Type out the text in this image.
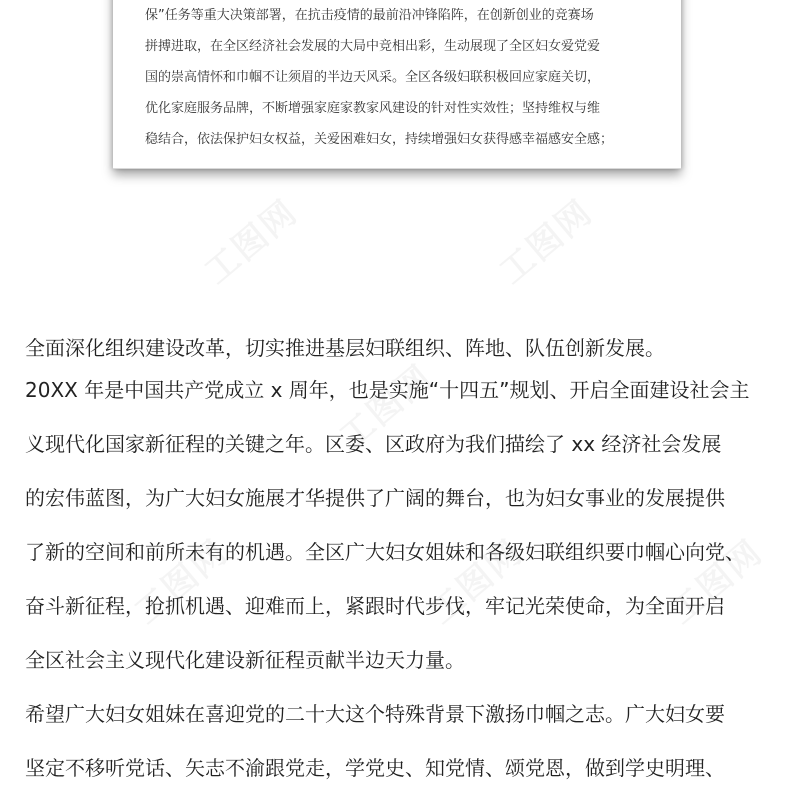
保”任务等重大决策部署，在抗击疫情的最前沿冲锋陷阵，在创新创业的竞赛场
拼搏进取，在全区经济社会发展的大局中竞相出彩，生动展现了全区妇女爱党爱
国的崇高情怀和巾帼不让须眉的半边天风采。全区各级妇联积极回应家庭关切，
优化家庭服务品牌，不断增强家庭家教家风建设的针对性实效性；坚持维权与维
稳结合，依法保护妇女权益，关爱困难妇女，持续增强妇女获得感幸福感安全感；
全面深化组织建设改革，切实推进基层妇联组织、阵地、队伍创新发展。
20XX 年是中国共产党成立 x 周年，也是实施“十四五”规划、开启全面建设社会主
义现代化国家新征程的关键之年。区委、区政府为我们描绘了 xx 经济社会发展
的宏伟蓝图，为广大妇女施展才华提供了广阔的舞台，也为妇女事业的发展提供
了新的空间和前所未有的机遇。全区广大妇女姐妹和各级妇联组织要巾帼心向党、
奋斗新征程，抢抓机遇、迎难而上，紧跟时代步伐，牢记光荣使命，为全面开启
全区社会主义现代化建设新征程贡献半边天力量。
希望广大妇女姐妹在喜迎党的二十大这个特殊背景下激扬巾帼之志。广大妇女要
坚定不移听党话、矢志不渝跟党走，学党史、知党情、颂党恩，做到学史明理、
